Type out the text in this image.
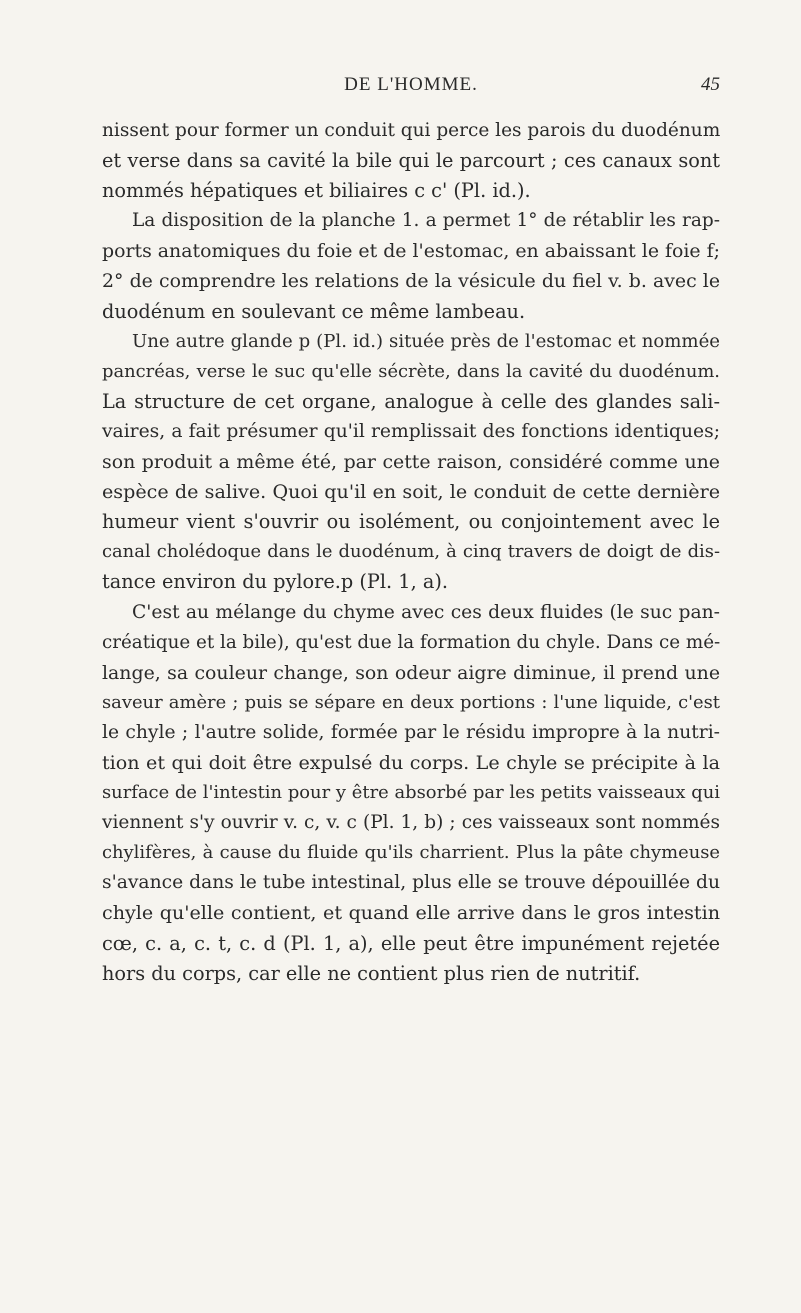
DE L'HOMME.	45
nissent pour former un conduit qui perce les parois du duodénum
et verse dans sa cavité la bile qui le parcourt ; ces canaux sont
nommés hépatiques et biliaires c c' (Pl. id.).
La disposition de la planche 1. a permet 1° de rétablir les rap-
ports anatomiques du foie et de l'estomac, en abaissant le foie f;
2° de comprendre les relations de la vésicule du fiel v. b. avec le
duodénum en soulevant ce même lambeau.
Une autre glande p (Pl. id.) située près de l'estomac et nommée
pancréas, verse le suc qu'elle sécrète, dans la cavité du duodénum.
La structure de cet organe, analogue à celle des glandes sali-
vaires, a fait présumer qu'il remplissait des fonctions identiques;
son produit a même été, par cette raison, considéré comme une
espèce de salive. Quoi qu'il en soit, le conduit de cette dernière
humeur vient s'ouvrir ou isolément, ou conjointement avec le
canal cholédoque dans le duodénum, à cinq travers de doigt de dis-
tance environ du pylore.p (Pl. 1, a).
C'est au mélange du chyme avec ces deux fluides (le suc pan-
créatique et la bile), qu'est due la formation du chyle. Dans ce mé-
lange, sa couleur change, son odeur aigre diminue, il prend une
saveur amère ; puis se sépare en deux portions : l'une liquide, c'est
le chyle ; l'autre solide, formée par le résidu impropre à la nutri-
tion et qui doit être expulsé du corps. Le chyle se précipite à la
surface de l'intestin pour y être absorbé par les petits vaisseaux qui
viennent s'y ouvrir v. c, v. c (Pl. 1, b) ; ces vaisseaux sont nommés
chylifères, à cause du fluide qu'ils charrient. Plus la pâte chymeuse
s'avance dans le tube intestinal, plus elle se trouve dépouillée du
chyle qu'elle contient, et quand elle arrive dans le gros intestin
cœ, c. a, c. t, c. d (Pl. 1, a), elle peut être impunément rejetée
hors du corps, car elle ne contient plus rien de nutritif.
